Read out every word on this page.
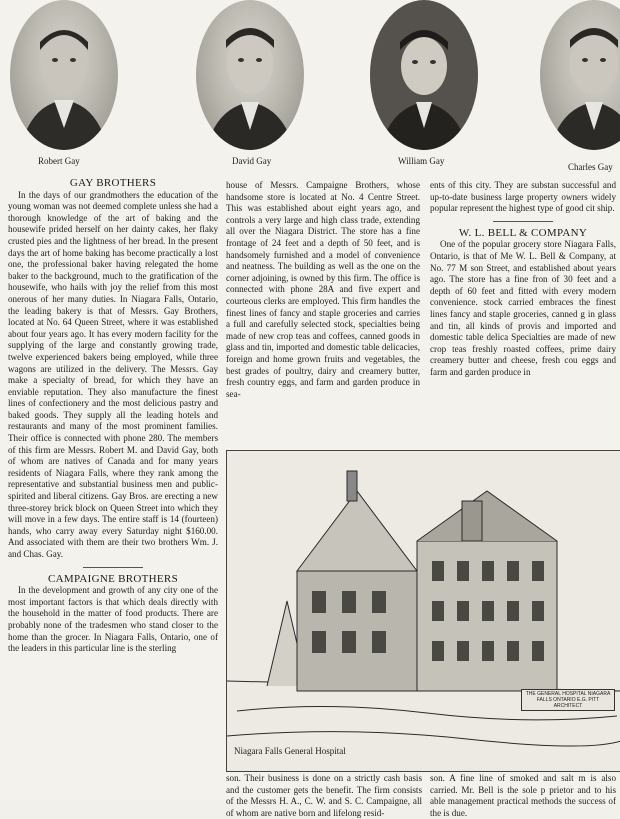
Robert Gay	David Gay	William Gay
Charles Gay
GAY BROTHERS

In the days of our grandmothers the education of the young woman was not deemed complete unless she had a thorough knowledge of the art of baking and the housewife prided herself on her dainty cakes, her flaky crusted pies and the lightness of her bread. In the present days the art of home baking has become practically a lost one, the professional baker having relegated the home baker to the background, much to the gratification of the housewife, who hails with joy the relief from this most onerous of her many duties. In Niagara Falls, Ontario, the leading bakery is that of Messrs. Gay Brothers, located at No. 64 Queen Street, where it was established about four years ago. It has every modern facility for the supplying of the large and constantly growing trade, twelve experienced bakers being employed, while three wagons are utilized in the delivery. The Messrs. Gay make a specialty of bread, for which they have an enviable reputation. They also manufacture the finest lines of confectionery and the most delicious pastry and baked goods. They supply all the leading hotels and restaurants and many of the most prominent families. Their office is connected with phone 280. The members of this firm are Messrs. Robert M. and David Gay, both of whom are natives of Canada and for many years residents of Niagara Falls, where they rank among the representative and substantial business men and public-spirited and liberal citizens. Gay Bros. are erecting a new three-storey brick block on Queen Street into which they will move in a few days. The entire staff is 14 (fourteen) hands, who carry away every Saturday night $160.00. And associated with them are their two brothers Wm. J. and Chas. Gay.

CAMPAIGNE BROTHERS

In the development and growth of any city one of the most important factors is that which deals directly with the household in the matter of food products. There are probably none of the tradesmen who stand closer to the home than the grocer. In Niagara Falls, Ontario, one of the leaders in this particular line is the sterling

house of Messrs. Campaigne Brothers, whose handsome store is located at No. 4 Centre Street. This was established about eight years ago, and controls a very large and high class trade, extending all over the Niagara District. The store has a fine frontage of 24 feet and a depth of 50 feet, and is handsomely furnished and a model of convenience and neatness. The building as well as the one on the corner adjoining, is owned by this firm. The office is connected with phone 28A and five expert and courteous clerks are employed. This firm handles the finest lines of fancy and staple groceries and carries a full and carefully selected stock, specialties being made of new crop teas and coffees, canned goods in glass and tin, imported and domestic table delicacies, foreign and home grown fruits and vegetables, the best grades of poultry, dairy and creamery butter, fresh country eggs, and farm and garden produce in sea-

ents of this city. They are substan successful and up-to-date business large property owners widely popular represent the highest type of good cit ship.

W. L. BELL & COMPANY

One of the popular grocery store Niagara Falls, Ontario, is that of Me W. L. Bell & Company, at No. 77 M son Street, and established about years ago. The store has a fine fron of 30 feet and a depth of 60 feet and fitted with every modern convenience. stock carried embraces the finest lines fancy and staple groceries, canned g in glass and tin, all kinds of provis and imported and domestic table delica Specialties are made of new crop teas freshly roasted coffees, prime dairy creamery butter and cheese, fresh cou eggs and farm and garden produce in

THE GENERAL HOSPITAL NIAGARA FALLS ONTARIO E.G. PITT ARCHITECT
Niagara Falls General Hospital
son. Their business is done on a strictly cash basis and the customer gets the benefit. The firm consists of the Messrs H. A., C. W. and S. C. Campaigne, all of whom are native born and lifelong resid-
son. A fine line of smoked and salt m is also carried. Mr. Bell is the sole p prietor and to his able management practical methods the success of the is due.
